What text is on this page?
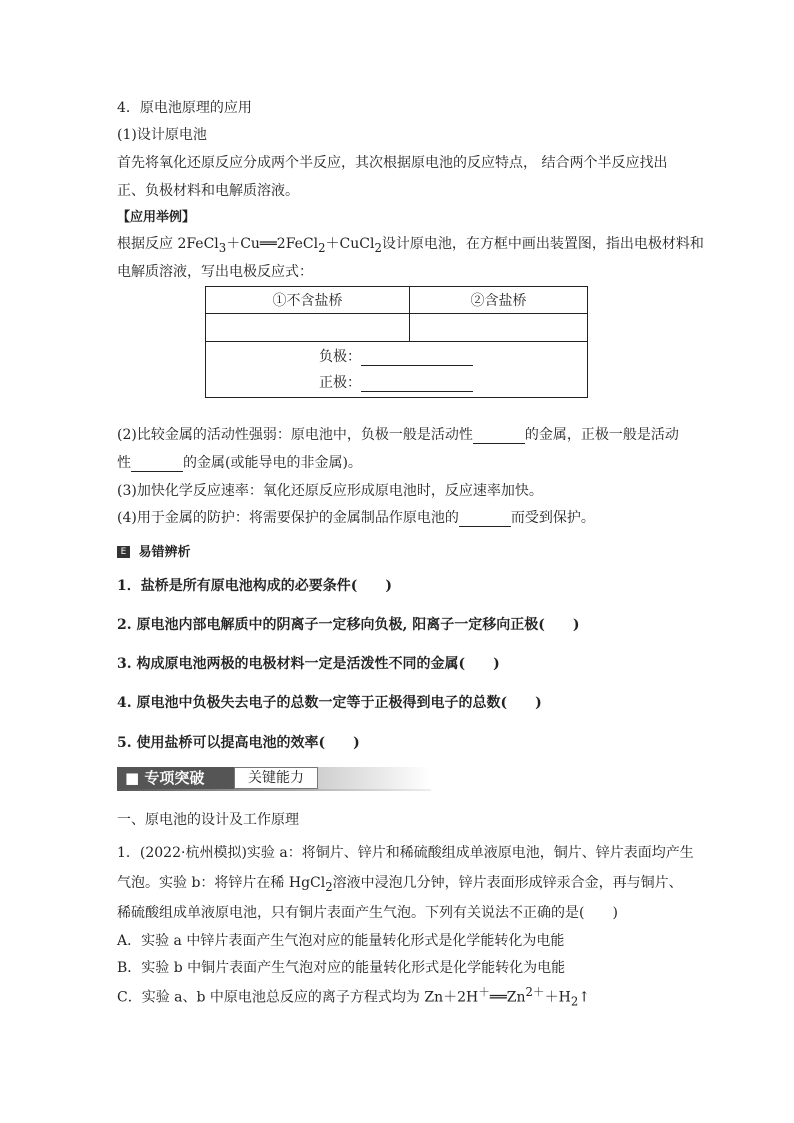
4．原电池原理的应用
(1)设计原电池
首先将氧化还原反应分成两个半反应，其次根据原电池的反应特点， 结合两个半反应找出
正、负极材料和电解质溶液。
【应用举例】
根据反应 2FeCl$_3$＋Cu══2FeCl$_2$＋CuCl$_2$设计原电池，在方框中画出装置图，指出电极材料和
电解质溶液，写出电极反应式：
①不含盐桥	②含盐桥

负极：
正极：	
(2)比较金属的活动性强弱：原电池中，负极一般是活动性	的金属，正极一般是活动
性	的金属(或能导电的非金属)。
(3)加快化学反应速率：氧化还原反应形成原电池时，反应速率加快。
(4)用于金属的防护：将需要保护的金属制品作原电池的	而受到保护。
E 易错辨析
1．盐桥是所有原电池构成的必要条件(　　)
2. 原电池内部电解质中的阴离子一定移向负极, 阳离子一定移向正极(　　)
3. 构成原电池两极的电极材料一定是活泼性不同的金属(　　)
4. 原电池中负极失去电子的总数一定等于正极得到电子的总数(　　)
5. 使用盐桥可以提高电池的效率(　　)
■ 专项突破	关键能力
一、原电池的设计及工作原理
1．(2022·杭州模拟)实验 a：将铜片、锌片和稀硫酸组成单液原电池，铜片、锌片表面均产生
气泡。实验 b：将锌片在稀 HgCl$_2$溶液中浸泡几分钟，锌片表面形成锌汞合金，再与铜片、
稀硫酸组成单液原电池，只有铜片表面产生气泡。下列有关说法不正确的是(　　)
A．实验 a 中锌片表面产生气泡对应的能量转化形式是化学能转化为电能
B．实验 b 中铜片表面产生气泡对应的能量转化形式是化学能转化为电能
C．实验 a、b 中原电池总反应的离子方程式均为 $Zn+2H^+══Zn^{2+}+H_2↑$
